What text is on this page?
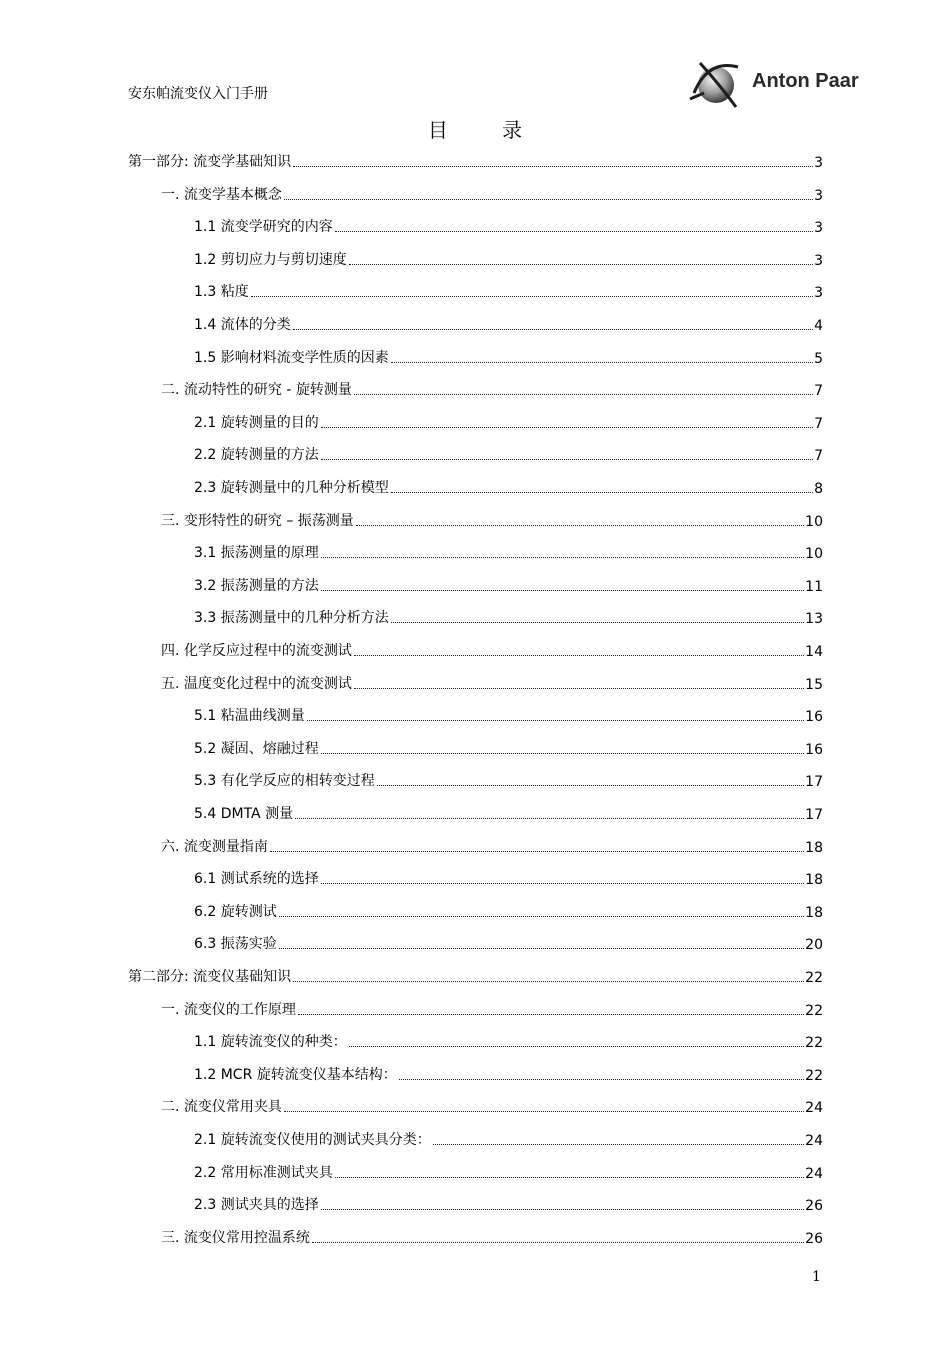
安东帕流变仪入门手册
Anton Paar
目 录
第一部分: 流变学基础知识	3
一. 流变学基本概念	3
1.1 流变学研究的内容	3
1.2 剪切应力与剪切速度	3
1.3 粘度	3
1.4 流体的分类	4
1.5 影响材料流变学性质的因素	5
二. 流动特性的研究 - 旋转测量	7
2.1 旋转测量的目的	7
2.2 旋转测量的方法	7
2.3 旋转测量中的几种分析模型	8
三. 变形特性的研究 – 振荡测量	10
3.1 振荡测量的原理	10
3.2 振荡测量的方法	11
3.3 振荡测量中的几种分析方法	13
四. 化学反应过程中的流变测试	14
五. 温度变化过程中的流变测试	15
5.1 粘温曲线测量	16
5.2 凝固、熔融过程	16
5.3 有化学反应的相转变过程	17
5.4 DMTA 测量	17
六. 流变测量指南	18
6.1 测试系统的选择	18
6.2 旋转测试	18
6.3 振荡实验	20
第二部分: 流变仪基础知识	22
一. 流变仪的工作原理	22
1.1 旋转流变仪的种类：	22
1.2 MCR 旋转流变仪基本结构：	22
二. 流变仪常用夹具	24
2.1 旋转流变仪使用的测试夹具分类：	24
2.2 常用标准测试夹具	24
2.3 测试夹具的选择	26
三. 流变仪常用控温系统	26
1
